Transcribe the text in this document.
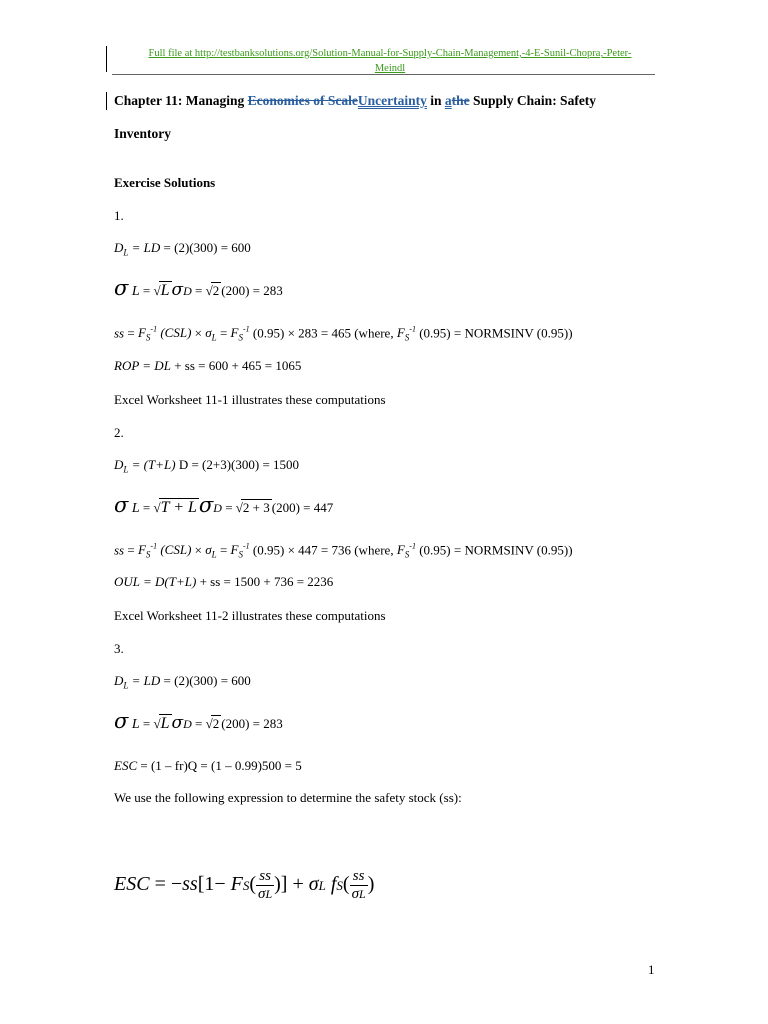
Full file at http://testbanksolutions.org/Solution-Manual-for-Supply-Chain-Management,-4-E-Sunil-Chopra,-Peter-
Meindl
Chapter 11: Managing Economies of ScaleUncertainty in athe Supply Chain: Safety
Inventory
Exercise Solutions
1.
$D_L$ = LD = (2)(300) = 600
σ L = √L σD = √2 (200) = 283
ss = $F_S^{-1}$ $(CSL) \times \sigma_L = F_S^{-1}$ (0.95) × 283 = 465 (where, $F_S^{-1}$ (0.95) = NORMSINV (0.95))
ROP = DL + ss = 600 + 465 = 1065
Excel Worksheet 11-1 illustrates these computations
2.
$D_L = (T+L) D = (2+3)(300) = 1500$
σ L = √T + LσD = √2 + 3 (200) = 447
ss = $F_S^{-1}$ $(CSL) \times \sigma_L = F_S^{-1}$ (0.95) × 447 = 736 (where, $F_S^{-1}$ (0.95) = NORMSINV (0.95))
OUL = D(T+L) + ss = 1500 + 736 = 2236
Excel Worksheet 11-2 illustrates these computations
3.
$D_L$ = LD = (2)(300) = 600
σ L = √L σD = √2 (200) = 283
ESC = (1 – fr)Q = (1 – 0.99)500 = 5
We use the following expression to determine the safety stock (ss):
ESC = $-ss[1- FS( \frac{ss}{\sigma L}$ )] + σL $fS( \frac{ss}{\sigma L}$ )
1
